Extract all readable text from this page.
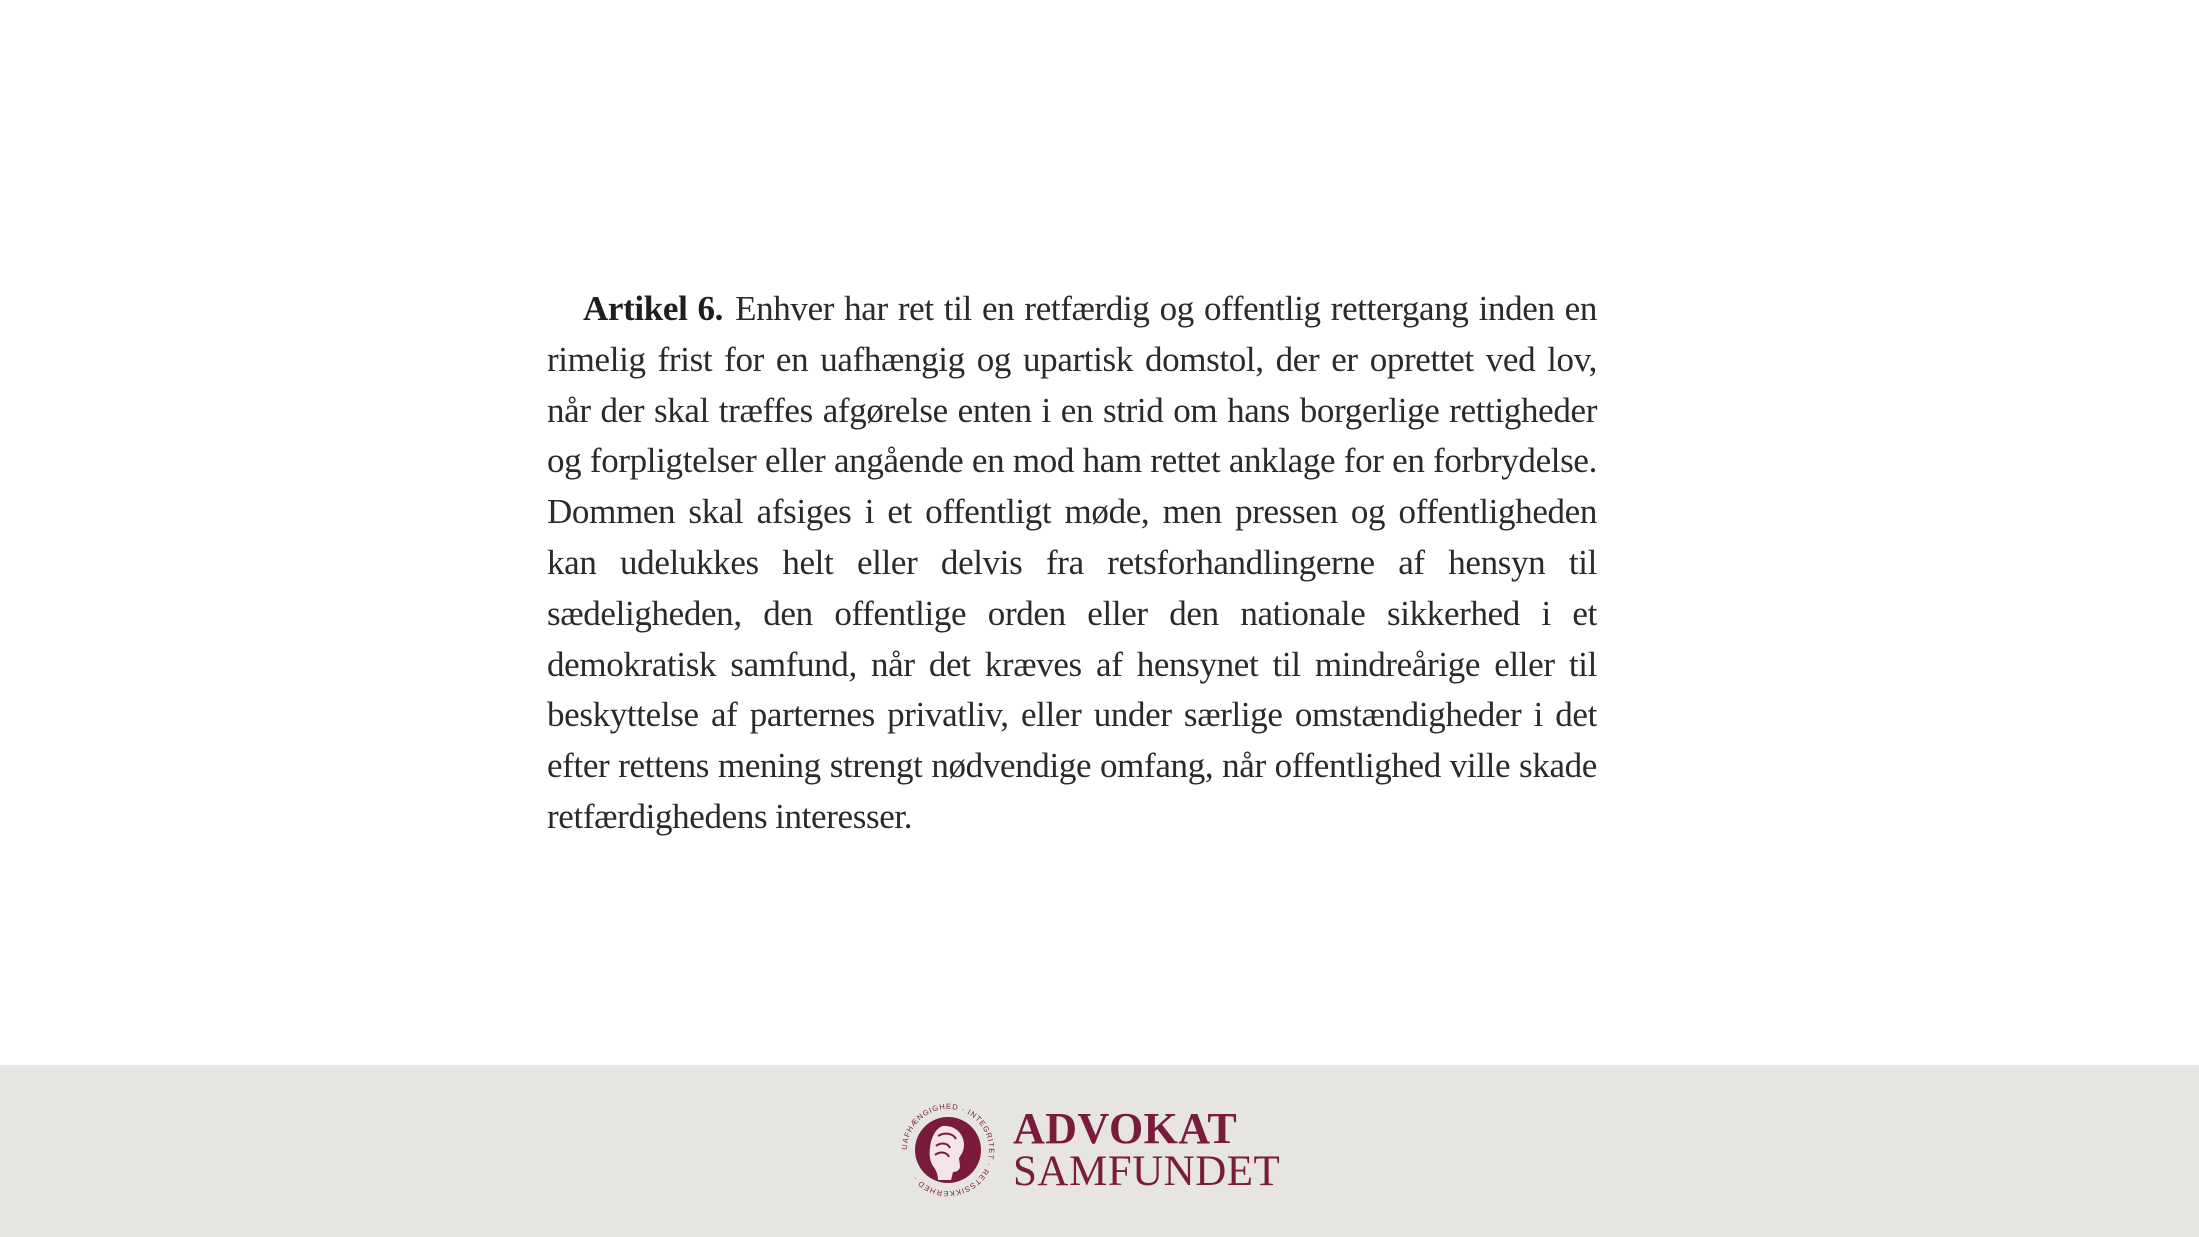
Artikel 6. Enhver har ret til en retfærdig og offentlig rettergang inden en rimelig frist for en uafhængig og upartisk domstol, der er oprettet ved lov, når der skal træffes afgørelse enten i en strid om hans borgerlige rettigheder og forpligtelser eller angående en mod ham rettet anklage for en forbrydelse. Dommen skal afsiges i et offentligt møde, men pressen og offentligheden kan udelukkes helt eller delvis fra retsforhandlingerne af hensyn til sædeligheden, den offentlige orden eller den nationale sikkerhed i et demokratisk samfund, når det kræves af hensynet til mindreårige eller til beskyttelse af parternes privatliv, eller under særlige omstændigheder i det efter rettens mening strengt nødvendige omfang, når offentlighed ville skade retfærdighedens interesser.

UAFHÆNGIGHED · INTEGRITET · RETSSIKKERHED ·
ADVOKAT
SAMFUNDET
